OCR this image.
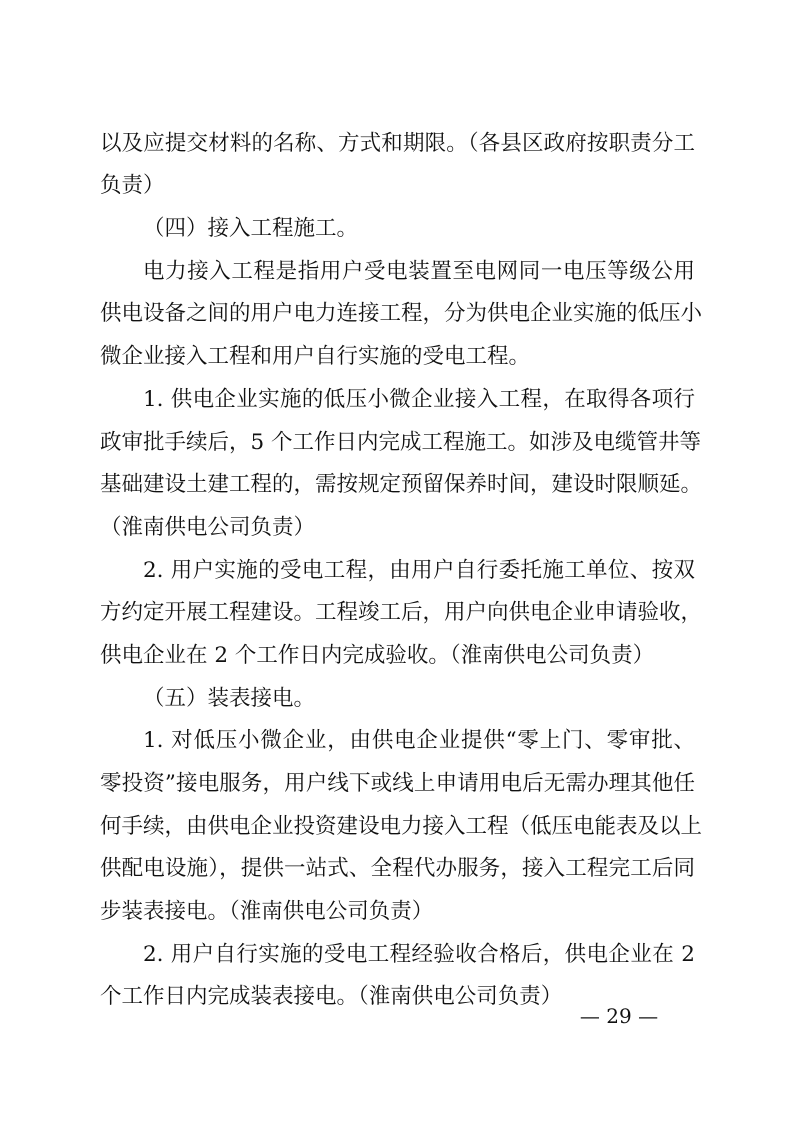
以及应提交材料的名称、方式和期限。（各县区政府按职责分工
负责）
（四）接入工程施工。
电力接入工程是指用户受电装置至电网同一电压等级公用
供电设备之间的用户电力连接工程，分为供电企业实施的低压小
微企业接入工程和用户自行实施的受电工程。
1. 供电企业实施的低压小微企业接入工程，在取得各项行
政审批手续后，5 个工作日内完成工程施工。如涉及电缆管井等
基础建设土建工程的，需按规定预留保养时间，建设时限顺延。
（淮南供电公司负责）
2. 用户实施的受电工程，由用户自行委托施工单位、按双
方约定开展工程建设。工程竣工后，用户向供电企业申请验收，
供电企业在 2 个工作日内完成验收。（淮南供电公司负责）
（五）装表接电。
1. 对低压小微企业，由供电企业提供“零上门、零审批、
零投资”接电服务，用户线下或线上申请用电后无需办理其他任
何手续，由供电企业投资建设电力接入工程（低压电能表及以上
供配电设施），提供一站式、全程代办服务，接入工程完工后同
步装表接电。（淮南供电公司负责）
2. 用户自行实施的受电工程经验收合格后，供电企业在 2
个工作日内完成装表接电。（淮南供电公司负责）
— 29 —
